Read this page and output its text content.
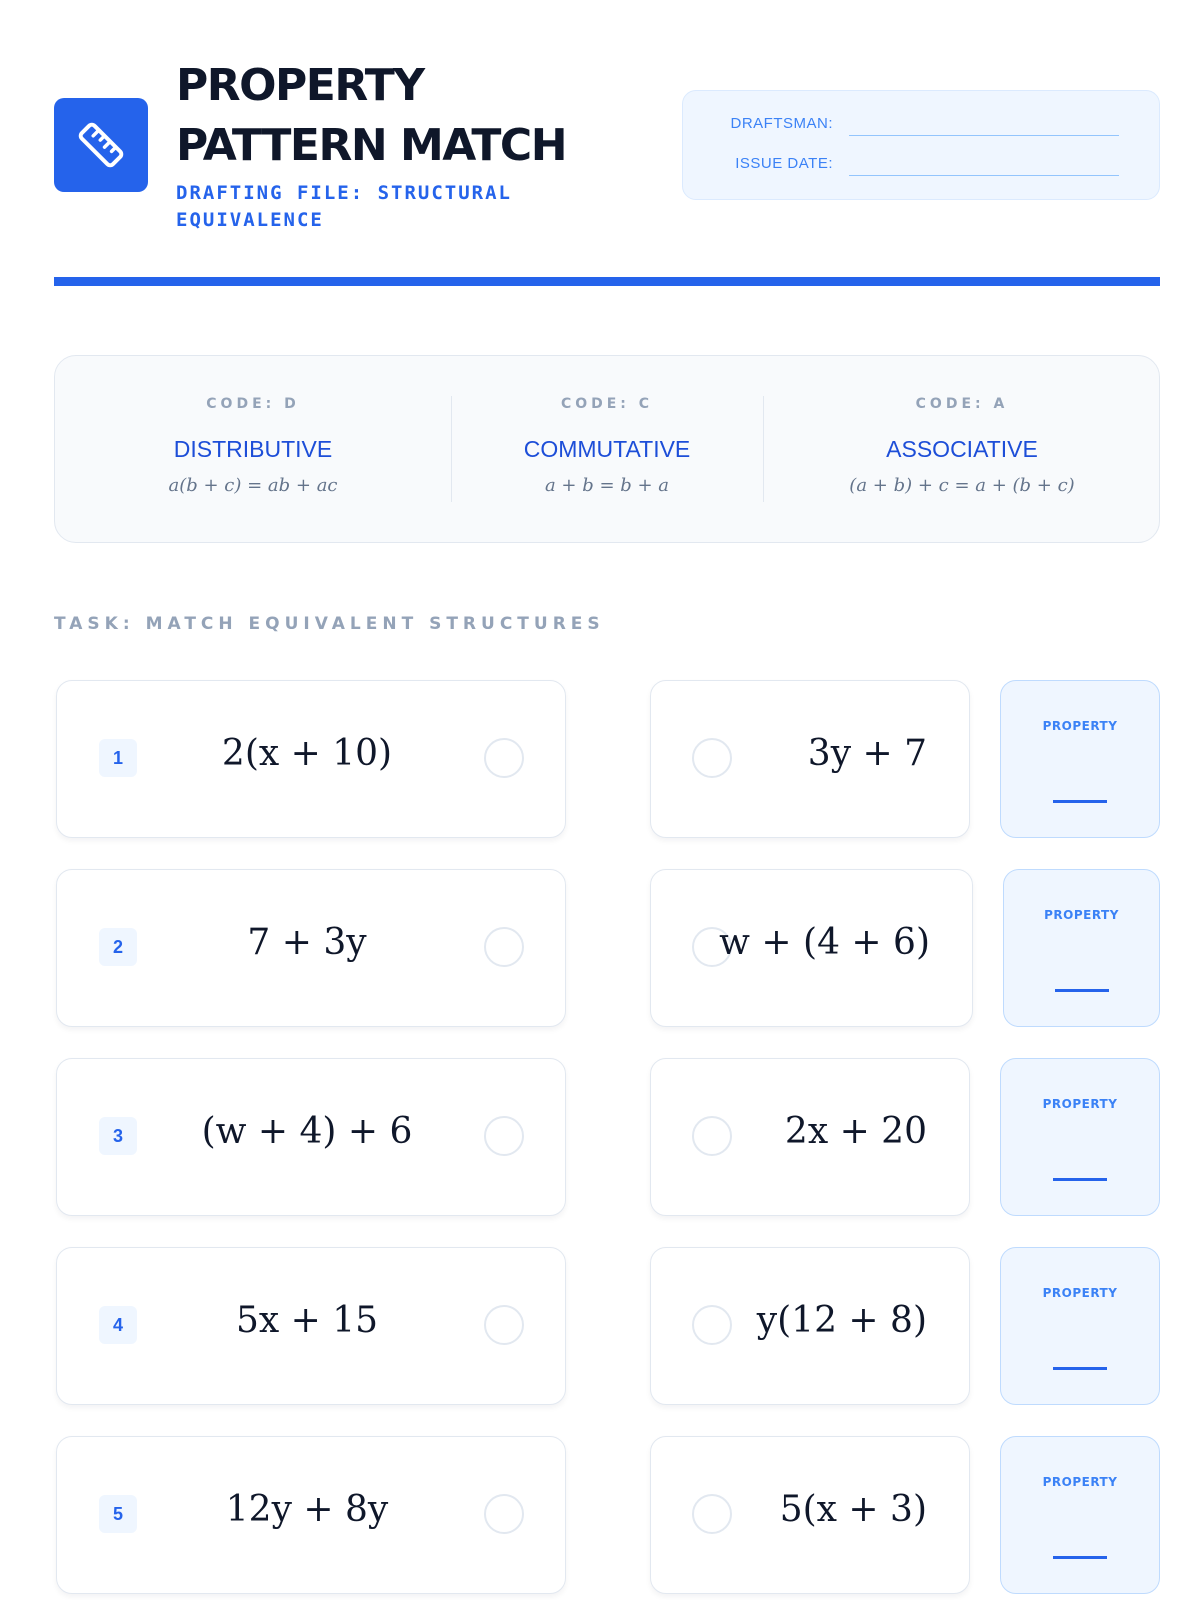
PROPERTY
PATTERN MATCH
DRAFTING FILE: STRUCTURAL EQUIVALENCE
DRAFTSMAN:
ISSUE DATE:
CODE: D
DISTRIBUTIVE
a(b + c) = ab + ac
CODE: C
COMMUTATIVE
a + b = b + a
CODE: A
ASSOCIATIVE
(a + b) + c = a + (b + c)
TASK: MATCH EQUIVALENT STRUCTURES
1	2(x + 10)	3y + 7
PROPERTY
2	7 + 3y	w + (4 + 6)
PROPERTY
3	(w + 4) + 6	2x + 20
PROPERTY
4	5x + 15	y(12 + 8)
PROPERTY
5	12y + 8y	5(x + 3)
PROPERTY
